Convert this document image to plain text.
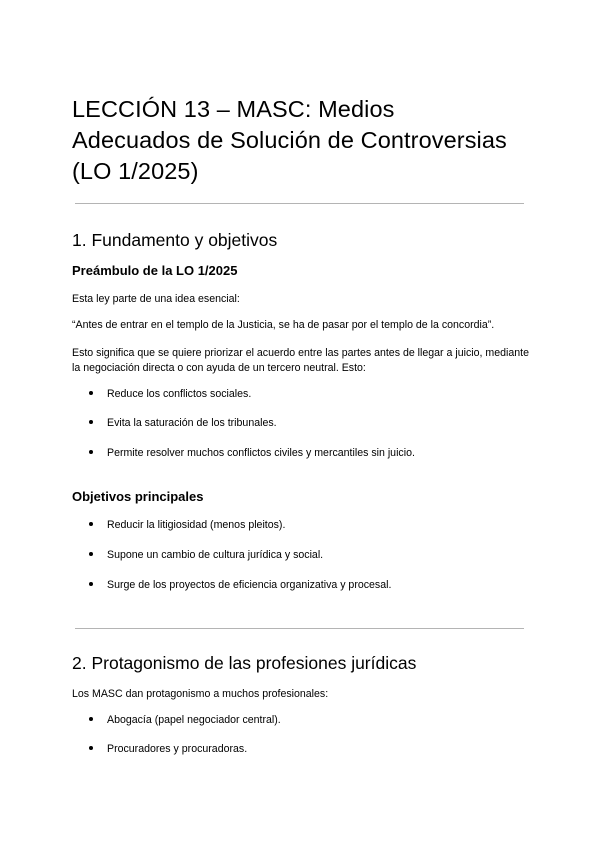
LECCIÓN 13 – MASC: Medios Adecuados de Solución de Controversias (LO 1/2025)
1. Fundamento y objetivos
Preámbulo de la LO 1/2025

Esta ley parte de una idea esencial:

“Antes de entrar en el templo de la Justicia, se ha de pasar por el templo de la concordia”.

Esto significa que se quiere priorizar el acuerdo entre las partes antes de llegar a juicio, mediante la negociación directa o con ayuda de un tercero neutral. Esto:

Reduce los conflictos sociales.
Evita la saturación de los tribunales.
Permite resolver muchos conflictos civiles y mercantiles sin juicio.
Objetivos principales
Reducir la litigiosidad (menos pleitos).
Supone un cambio de cultura jurídica y social.
Surge de los proyectos de eficiencia organizativa y procesal.
2. Protagonismo de las profesiones jurídicas

Los MASC dan protagonismo a muchos profesionales:

Abogacía (papel negociador central).
Procuradores y procuradoras.
